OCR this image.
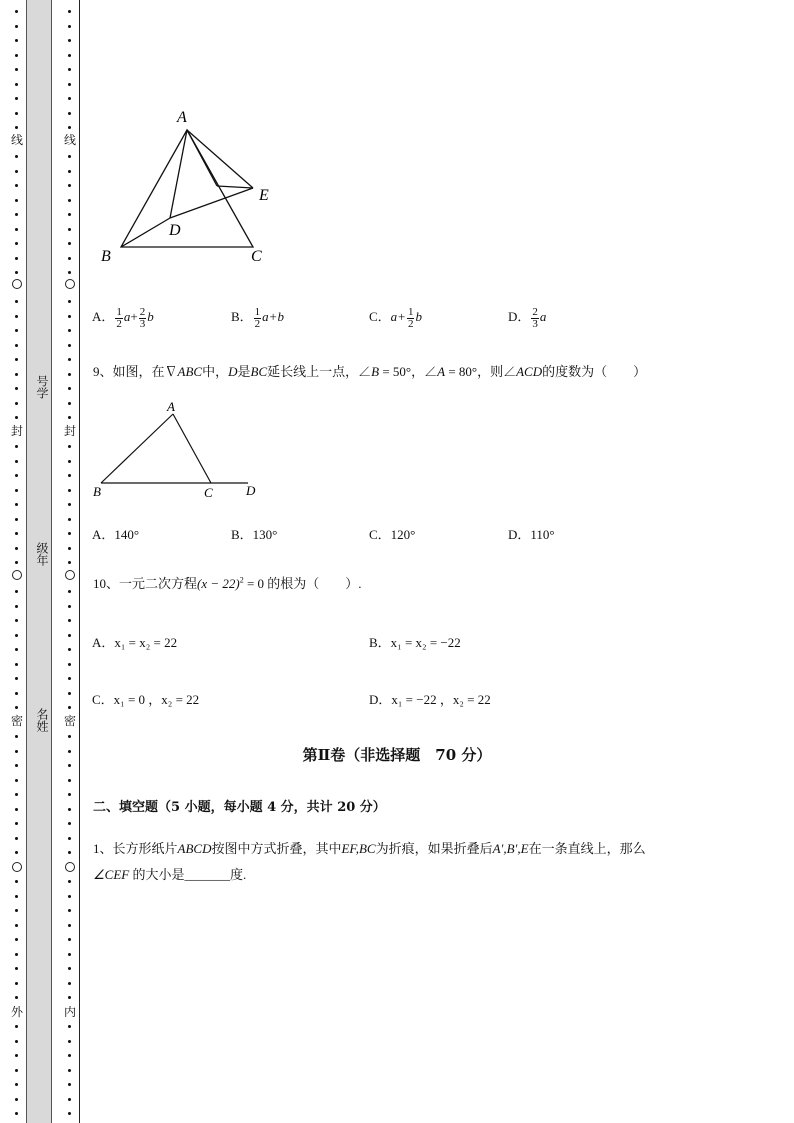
线
封
密
外
线
封
密
内
号学
级年
名姓
A
B	C
D
E
A． $\frac{1}{2} a+ \frac{2}{3}$ b	B． $\frac{1}{2} a+b$	C．$a+ \frac{1}{2}$ b	D． $\frac{2}{3}$ a
9、如图，在∇ABC中，D是BC延长线上一点，∠B = 50°，∠A = 80°，则∠ACD的度数为（　　）
A
B	C	D
A．140°	B．130°	C．120°	D．110°
10、一元二次方程$(x - 22)^2 = 0$ 的根为（　　）.
A．x₁ = x₂ = 22	B．x₁ = x₂ = −22
C．x₁ = 0 ，x₂ = 22	D．x₁ = −22 ，x₂ = 22
第Ⅱ卷（非选择题　70 分）
二、填空题（5 小题，每小题 4 分，共计 20 分）
1、长方形纸片ABCD按图中方式折叠，其中EF,BC为折痕，如果折叠后A′,B′,E在一条直线上，那么
∠CEF 的大小是_______度.
